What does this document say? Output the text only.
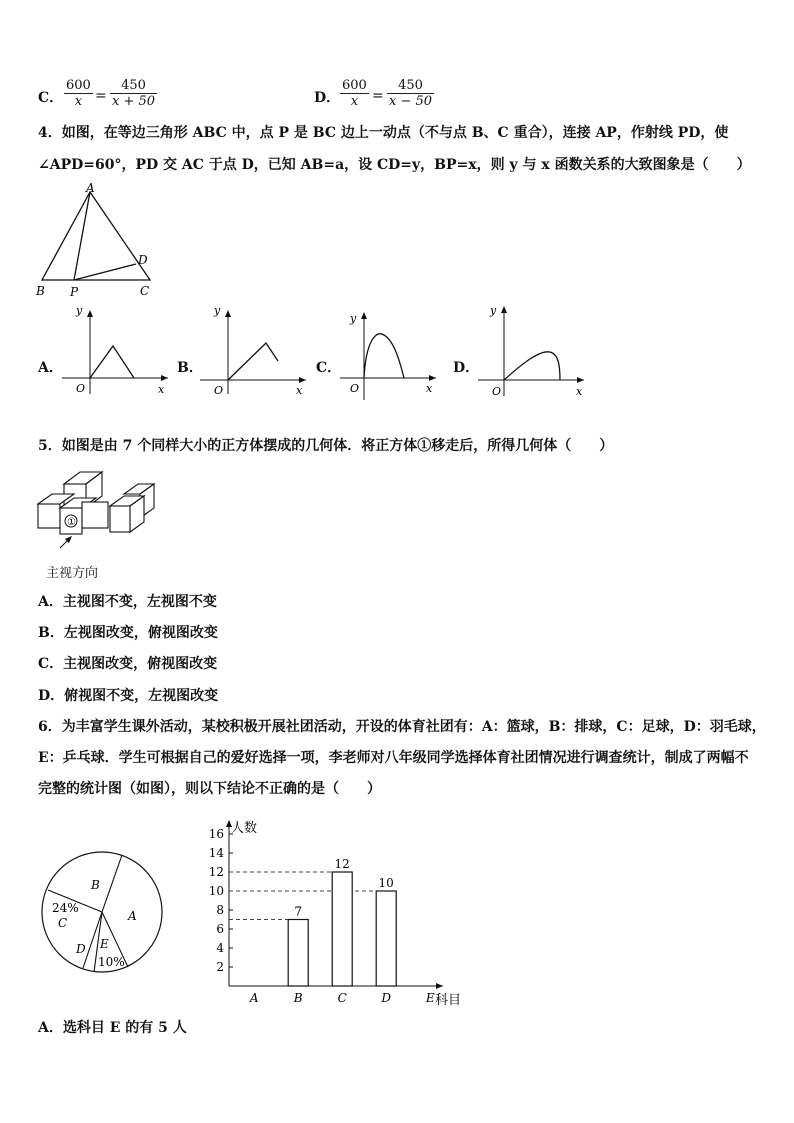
C． $\frac{600}{x} = \frac{450}{x + 50}$	D． $\frac{600}{x} = \frac{450}{x - 50}$
4．如图，在等边三角形 ABC 中，点 P 是 BC 边上一动点（不与点 B、C 重合），连接 AP，作射线 PD，使
∠APD=60°，PD 交 AC 于点 D，已知 AB=a，设 CD=y，BP=x，则 y 与 x 函数关系的大致图象是（　　）
A
B P	C
D
A．
y
x
O
B．
y
x
O
C．
y
x
O
D．
y
x
O
5．如图是由 7 个同样大小的正方体摆成的几何体．将正方体①移走后，所得几何体（　　）
①
主视方向
A．主视图不变，左视图不变
B．左视图改变，俯视图改变
C．主视图改变，俯视图改变
D．俯视图不变，左视图改变
6．为丰富学生课外活动，某校积极开展社团活动，开设的体育社团有：A：篮球，B：排球，C：足球，D：羽毛球，
E：乒乓球．学生可根据自己的爱好选择一项，李老师对八年级同学选择体育社团情况进行调查统计，制成了两幅不
完整的统计图（如图），则以下结论不正确的是（　　）
B
A
24%
C
D E
10%
人数
科目
2
4
6
8
10
12
14
16
A	B
7
C
12
D
10
E
A．选科目 E 的有 5 人
